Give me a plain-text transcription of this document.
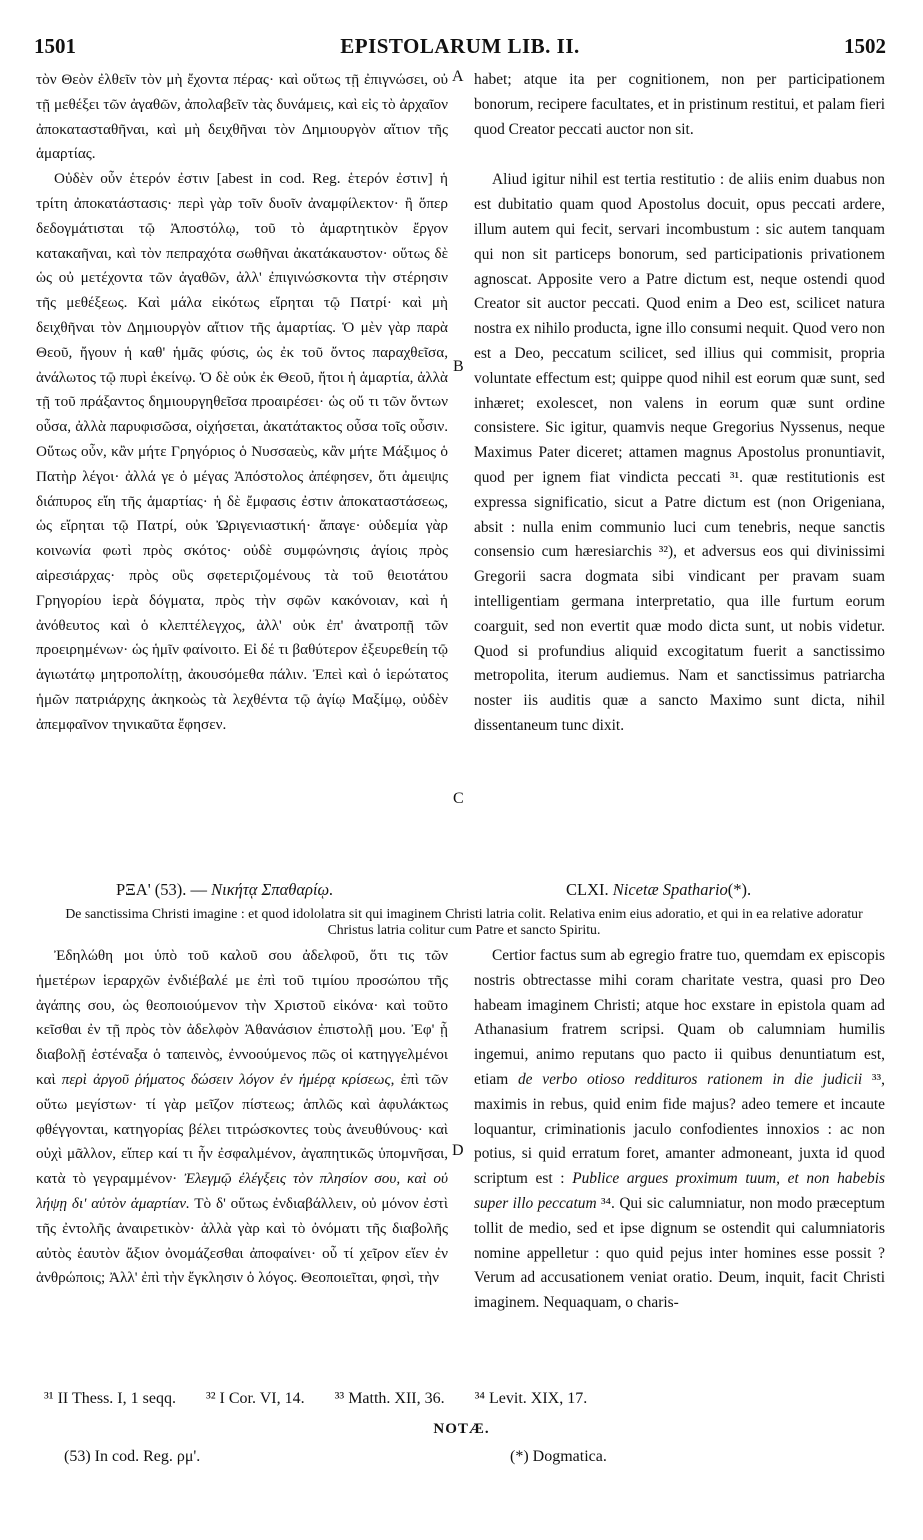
1501	EPISTOLARUM LIB. II.	1502

τὸν Θεὸν ἐλθεῖν τὸν μὴ ἔχοντα πέρας· καὶ οὕτως τῇ ἐπιγνώσει, οὐ τῇ μεθέξει τῶν ἀγαθῶν, ἀπολαβεῖν τὰς δυνάμεις, καὶ εἰς τὸ ἀρχαῖον ἀποκατασταθῆναι, καὶ μὴ δειχθῆναι τὸν Δημιουργὸν αἴτιον τῆς ἁμαρτίας.

Οὐδὲν οὖν ἑτερόν ἐστιν [abest in cod. Reg. ἑτερόν ἐστιν] ἡ τρίτη ἀποκατάστασις· περὶ γὰρ τοῖν δυοῖν ἀναμφίλεκτον· ἢ ὅπερ δεδογμάτισται τῷ Ἀποστόλῳ, τοῦ τὸ ἁμαρτητικὸν ἔργον κατακαῆναι, καὶ τὸν πεπραχότα σωθῆναι ἀκατάκαυστον· οὕτως δὲ ὡς οὐ μετέχοντα τῶν ἀγαθῶν, ἀλλ' ἐπιγινώσκοντα τὴν στέρησιν τῆς μεθέξεως. Καὶ μάλα εἰκότως εἴρηται τῷ Πατρί· καὶ μὴ δειχθῆναι τὸν Δημιουργὸν αἴτιον τῆς ἁμαρτίας. Ὁ μὲν γὰρ παρὰ Θεοῦ, ἤγουν ἡ καθ' ἡμᾶς φύσις, ὡς ἐκ τοῦ ὄντος παραχθεῖσα, ἀνάλωτος τῷ πυρὶ ἐκείνῳ. Ὁ δὲ οὐκ ἐκ Θεοῦ, ἤτοι ἡ ἁμαρτία, ἀλλὰ τῇ τοῦ πράξαντος δημιουργηθεῖσα προαιρέσει· ὡς οὔ τι τῶν ὄντων οὖσα, ἀλλὰ παρυφισῶσα, οἰχήσεται, ἀκατάτακτος οὖσα τοῖς οὖσιν. Οὕτως οὖν, κἂν μήτε Γρηγόριος ὁ Νυσσαεὺς, κἂν μήτε Μάξιμος ὁ Πατὴρ λέγοι· ἀλλά γε ὁ μέγας Ἀπόστολος ἀπέφησεν, ὅτι ἀμειψις διάπυρος εἴη τῆς ἁμαρτίας· ἡ δὲ ἔμφασις ἐστιν ἀποκαταστάσεως, ὡς εἴρηται τῷ Πατρί, οὐκ Ὠριγενιαστική· ἄπαγε· οὐδεμία γὰρ κοινωνία φωτὶ πρὸς σκότος· οὐδὲ συμφώνησις ἁγίοις πρὸς αἱρεσιάρχας· πρὸς οὓς σφετεριζομένους τὰ τοῦ θειοτάτου Γρηγορίου ἱερὰ δόγματα, πρὸς τὴν σφῶν κακόνοιαν, καὶ ἡ ἀνόθευτος καὶ ὁ κλεπτέλεγχος, ἀλλ' οὐκ ἐπ' ἀνατροπῇ τῶν προειρημένων· ὡς ἡμῖν φαίνοιτο. Εἰ δέ τι βαθύτερον ἐξευρεθείη τῷ ἁγιωτάτῳ μητροπολίτῃ, ἀκουσόμεθα πάλιν. Ἐπεὶ καὶ ὁ ἱερώτατος ἡμῶν πατριάρχης ἀκηκοὼς τὰ λεχθέντα τῷ ἁγίῳ Μαξίμῳ, οὐδὲν ἀπεμφαῖνον τηνικαῦτα ἔφησεν.

habet; atque ita per cognitionem, non per participationem bonorum, recipere facultates, et in pristinum restitui, et palam fieri quod Creator peccati auctor non sit.

Aliud igitur nihil est tertia restitutio : de aliis enim duabus non est dubitatio quam quod Apostolus docuit, opus peccati ardere, illum autem qui fecit, servari incombustum : sic autem tanquam qui non sit particeps bonorum, sed participationis privationem agnoscat. Apposite vero a Patre dictum est, neque ostendi quod Creator sit auctor peccati. Quod enim a Deo est, scilicet natura nostra ex nihilo producta, igne illo consumi nequit. Quod vero non est a Deo, peccatum scilicet, sed illius qui commisit, propria voluntate effectum est; quippe quod nihil est eorum quæ sunt, sed inhæret; exolescet, non valens in eorum quæ sunt ordine consistere. Sic igitur, quamvis neque Gregorius Nyssenus, neque Maximus Pater diceret; attamen magnus Apostolus pronuntiavit, quod per ignem fiat vindicta peccati ³¹. quæ restitutionis est expressa significatio, sicut a Patre dictum est (non Origeniana, absit : nulla enim communio luci cum tenebris, neque sanctis consensio cum hæresiarchis ³²), et adversus eos qui divinissimi Gregorii sacra dogmata sibi vindicant per pravam suam intelligentiam germana interpretatio, qua ille furtum eorum coarguit, sed non evertit quæ modo dicta sunt, ut nobis videtur. Quod si profundius aliquid excogitatum fuerit a sanctissimo metropolita, iterum audiemus. Nam et sanctissimus patriarcha noster iis auditis quæ a sancto Maximo sunt dicta, nihil dissentaneum tunc dixit.

A
B
C
ΡΞΑ' (53). — Νικήτᾳ Σπαθαρίῳ.	CLXI. Nicetæ Spathario(*).
De sanctissima Christi imagine : et quod idololatra sit qui imaginem Christi latria colit. Relativa enim eius adoratio, et qui in ea relative adoratur Christus latria colitur cum Patre et sancto Spiritu.

Ἐδηλώθη μοι ὑπὸ τοῦ καλοῦ σου ἀδελφοῦ, ὅτι τις τῶν ἡμετέρων ἱεραρχῶν ἐνδιέβαλέ με ἐπὶ τοῦ τιμίου προσώπου τῆς ἀγάπης σου, ὡς θεοποιούμενον τὴν Χριστοῦ εἰκόνα· καὶ τοῦτο κεῖσθαι ἐν τῇ πρὸς τὸν ἀδελφὸν Ἀθανάσιον ἐπιστολῇ μου. Ἐφ' ᾗ διαβολῇ ἐστέναξα ὁ ταπεινὸς, ἐννοούμενος πῶς οἱ κατηγγελμένοι καὶ περὶ ἀργοῦ ῥήματος δώσειν λόγον ἐν ἡμέρᾳ κρίσεως, ἐπὶ τῶν οὕτω μεγίστων· τί γὰρ μεῖζον πίστεως; ἁπλῶς καὶ ἀφυλάκτως φθέγγονται, κατηγορίας βέλει τιτρώσκοντες τοὺς ἀνευθύνους· καὶ οὐχὶ μᾶλλον, εἴπερ καί τι ἦν ἐσφαλμένον, ἀγαπητικῶς ὑπομνῆσαι, κατὰ τὸ γεγραμμένον· Ἐλεγμῷ ἐλέγξεις τὸν πλησίον σου, καὶ οὐ λήψῃ δι' αὐτὸν ἁμαρτίαν. Τὸ δ' οὕτως ἐνδιαβάλλειν, οὐ μόνον ἐστὶ τῆς ἐντολῆς ἀναιρετικὸν· ἀλλὰ γὰρ καὶ τὸ ὀνόματι τῆς διαβολῆς αὐτὸς ἑαυτὸν ἄξιον ὀνομάζεσθαι ἀποφαίνει· οὗ τί χεῖρον εἴεν ἐν ἀνθρώποις; Ἀλλ' ἐπὶ τὴν ἔγκλησιν ὁ λόγος. Θεοποιεῖται, φησὶ, τὴν

Certior factus sum ab egregio fratre tuo, quemdam ex episcopis nostris obtrectasse mihi coram charitate vestra, quasi pro Deo habeam imaginem Christi; atque hoc exstare in epistola quam ad Athanasium fratrem scripsi. Quam ob calumniam humilis ingemui, animo reputans quo pacto ii quibus denuntiatum est, etiam de verbo otioso reddituros rationem in die judicii ³³, maximis in rebus, quid enim fide majus? adeo temere et incaute loquantur, criminationis jaculo confodientes innoxios : ac non potius, si quid erratum foret, amanter admoneant, juxta id quod scriptum est : Publice argues proximum tuum, et non habebis super illo peccatum ³⁴. Qui sic calumniatur, non modo præceptum tollit de medio, sed et ipse dignum se ostendit qui calumniatoris nomine appelletur : quo quid pejus inter homines esse possit ? Verum ad accusationem veniat oratio. Deum, inquit, facit Christi imaginem. Nequaquam, o charis-

D
³¹ II Thess. I, 1 seqq. ³² I Cor. VI, 14. ³³ Matth. XII, 36. ³⁴ Levit. XIX, 17.
NOTÆ.
(53) In cod. Reg. ρμ'.	(*) Dogmatica.
